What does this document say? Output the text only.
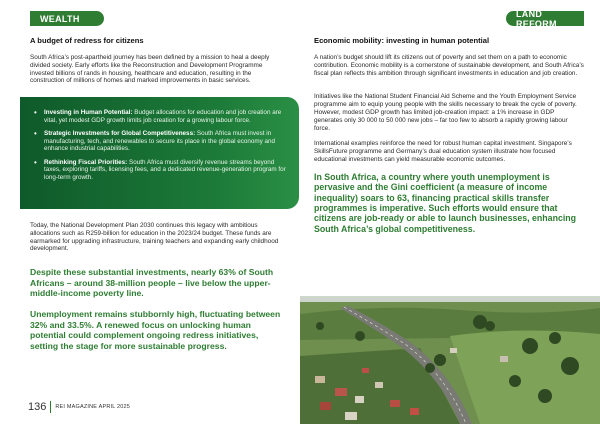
WEALTH	LAND REFORM
A budget of redress for citizens
South Africa’s post-apartheid journey has been defined by a mission to heal a deeply divided society. Early efforts like the Reconstruction and Development Programme invested billions of rands in housing, healthcare and education, resulting in the construction of millions of homes and marked improvements in basic services.
• Investing in Human Potential: Budget allocations for education and job creation are vital, yet modest GDP growth limits job creation for a growing labour force.
• Strategic Investments for Global Competitiveness: South Africa must invest in manufacturing, tech, and renewables to secure its place in the global economy and enhance industrial capabilities.
• Rethinking Fiscal Priorities: South Africa must diversify revenue streams beyond taxes, exploring tariffs, licensing fees, and a dedicated revenue-generation program for long-term growth.
Today, the National Development Plan 2030 continues this legacy with ambitious allocations such as R259-billion for education in the 2023/24 budget. These funds are earmarked for upgrading infrastructure, training teachers and expanding early childhood development.
Despite these substantial investments, nearly 63% of South Africans – around 38-million people – live below the upper-middle-income poverty line.
Unemployment remains stubbornly high, fluctuating between 32% and 33.5%. A renewed focus on unlocking human potential could complement ongoing redress initiatives, setting the stage for more sustainable progress.
Economic mobility: investing in human potential
A nation’s budget should lift its citizens out of poverty and set them on a path to economic contribution. Economic mobility is a cornerstone of sustainable development, and South Africa’s fiscal plan reflects this ambition through significant investments in education and job creation.
Initiatives like the National Student Financial Aid Scheme and the Youth Employment Service programme aim to equip young people with the skills necessary to break the cycle of poverty. However, modest GDP growth has limited job-creation impact: a 1% increase in GDP generates only 30 000 to 50 000 new jobs – far too few to absorb a rapidly growing labour force.
International examples reinforce the need for robust human capital investment. Singapore’s SkillsFuture programme and Germany’s dual education system illustrate how focused educational investments can yield measurable economic outcomes.
In South Africa, a country where youth unemployment is pervasive and the Gini coefficient (a measure of income inequality) soars to 63, financing practical skills transfer programmes is imperative. Such efforts would ensure that citizens are job-ready or able to launch businesses, enhancing South Africa’s global competitiveness.
136 REI MAGAZINE APRIL 2025
